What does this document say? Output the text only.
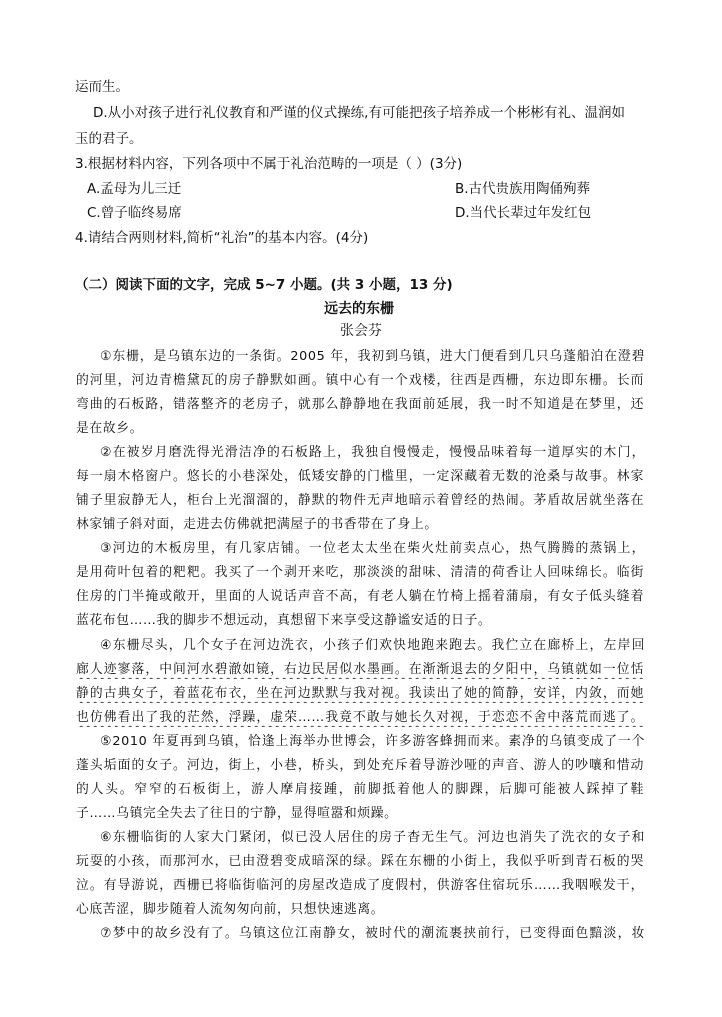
运而生。
D.从小对孩子进行礼仪教育和严谨的仪式操练,有可能把孩子培养成一个彬彬有礼、温润如
玉的君子。
3.根据材料内容，下列各项中不属于礼治范畴的一项是（ ）(3分)
A.孟母为儿三迁	B.古代贵族用陶俑殉葬
C.曾子临终易席	D.当代长辈过年发红包
4.请结合两则材料,简析“礼治”的基本内容。(4分)
（二）阅读下面的文字，完成 5~7 小题。(共 3 小题，13 分)
远去的东栅
张会芬
①东栅，是乌镇东边的一条街。2005 年，我初到乌镇，进大门便看到几只乌蓬船泊在澄碧
的河里，河边青檐黛瓦的房子静默如画。镇中心有一个戏楼，往西是西栅，东边即东栅。长而
弯曲的石板路，错落整齐的老房子，就那么静静地在我面前延展，我一时不知道是在梦里，还
是在故乡。
②在被岁月磨洗得光滑洁净的石板路上，我独自慢慢走，慢慢品味着每一道厚实的木门，
每一扇木格窗户。悠长的小巷深处，低矮安静的门槛里，一定深藏着无数的沧桑与故事。林家
铺子里寂静无人，柜台上光溜溜的，静默的物件无声地暗示着曾经的热闹。茅盾故居就坐落在
林家铺子斜对面，走进去仿佛就把满屋子的书香带在了身上。
③河边的木板房里，有几家店铺。一位老太太坐在柴火灶前卖点心，热气腾腾的蒸锅上，
是用荷叶包着的粑粑。我买了一个剥开来吃，那淡淡的甜味、清清的荷香让人回味绵长。临街
住房的门半掩或敞开，里面的人说话声音不高，有老人躺在竹椅上摇着蒲扇，有女子低头缝着
蓝花布包……我的脚步不想远动，真想留下来享受这静谧安适的日子。
④东栅尽头，几个女子在河边洗衣，小孩子们欢快地跑来跑去。我伫立在廊桥上，左岸回
廊人迹寥落，中间河水碧澈如镜，右边民居似水墨画。在渐渐退去的夕阳中，乌镇就如一位恬
静的古典女子，着蓝花布衣，坐在河边默默与我对视。我读出了她的简静，安详，内敛，而她
也仿佛看出了我的茫然，浮躁，虚荣……我竟不敢与她长久对视，于恋恋不舍中落荒而逃了。
⑤2010 年夏再到乌镇，恰逢上海举办世博会，许多游客蜂拥而来。素净的乌镇变成了一个
蓬头垢面的女子。河边，街上，小巷，桥头，到处充斥着导游沙哑的声音、游人的吵嚷和惜动
的人头。窄窄的石板街上，游人摩肩接踵，前脚抵着他人的脚踝，后脚可能被人踩掉了鞋
子……乌镇完全失去了往日的宁静，显得喧嚣和烦躁。
⑥东栅临街的人家大门紧闭，似已没人居住的房子杳无生气。河边也消失了洗衣的女子和
玩耍的小孩，而那河水，已由澄碧变成暗深的绿。踩在东栅的小街上，我似乎听到青石板的哭
泣。有导游说，西栅已将临街临河的房屋改造成了度假村，供游客住宿玩乐……我咽喉发干，
心底苦涩，脚步随着人流匆匆向前，只想快速逃离。
⑦梦中的故乡没有了。乌镇这位江南静女，被时代的潮流裹挟前行，已变得面色黯淡，妆
